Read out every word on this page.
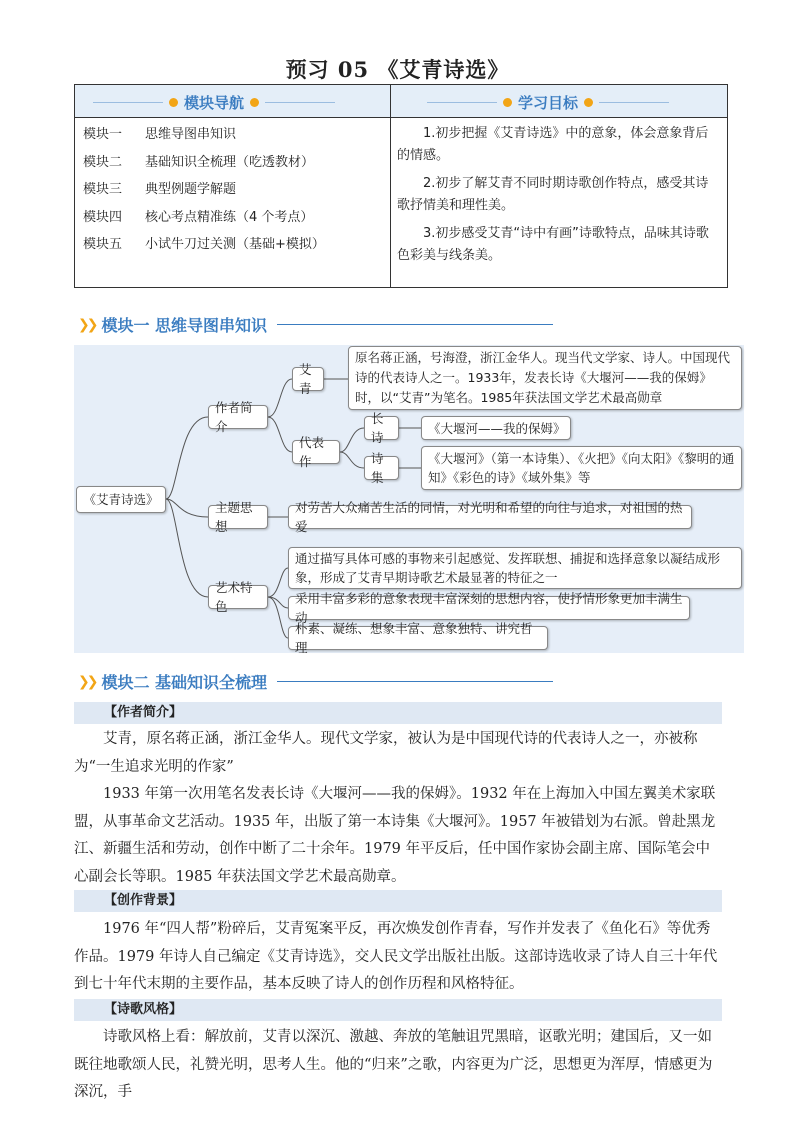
预习 05 《艾青诗选》
模块导航	学习目标
模块一 思维导图串知识
模块二 基础知识全梳理（吃透教材）
模块三 典型例题学解题
模块四 核心考点精准练（4 个考点）
模块五 小试牛刀过关测（基础+模拟）

1.初步把握《艾青诗选》中的意象，体会意象背后的情感。

2.初步了解艾青不同时期诗歌创作特点，感受其诗歌抒情美和理性美。

3.初步感受艾青“诗中有画”诗歌特点，品味其诗歌色彩美与线条美。

❯❯ 模块一 思维导图串知识
《艾青诗选》
作者简介
艾青
原名蒋正涵，号海澄，浙江金华人。现当代文学家、诗人。中国现代诗的代表诗人之一。1933年，发表长诗《大堰河——我的保姆》时，以“艾青”为笔名。1985年获法国文学艺术最高勋章
代表作
长诗
《大堰河——我的保姆》
诗集
《大堰河》（第一本诗集）、《火把》《向太阳》《黎明的通知》《彩色的诗》《域外集》等
主题思想
对劳苦大众痛苦生活的同情，对光明和希望的向往与追求，对祖国的热爱
艺术特色
通过描写具体可感的事物来引起感觉、发挥联想、捕捉和选择意象以凝结成形象，形成了艾青早期诗歌艺术最显著的特征之一
采用丰富多彩的意象表现丰富深刻的思想内容，使抒情形象更加丰满生动
朴素、凝练、想象丰富、意象独特、讲究哲理
❯❯ 模块二 基础知识全梳理
【作者简介】
艾青，原名蒋正涵，浙江金华人。现代文学家，被认为是中国现代诗的代表诗人之一，亦被称为“一生追求光明的作家”
1933 年第一次用笔名发表长诗《大堰河——我的保姆》。1932 年在上海加入中国左翼美术家联盟，从事革命文艺活动。1935 年，出版了第一本诗集《大堰河》。1957 年被错划为右派。曾赴黑龙江、新疆生活和劳动，创作中断了二十余年。1979 年平反后，任中国作家协会副主席、国际笔会中心副会长等职。1985 年获法国文学艺术最高勋章。
【创作背景】
1976 年“四人帮”粉碎后，艾青冤案平反，再次焕发创作青春，写作并发表了《鱼化石》等优秀作品。1979 年诗人自己编定《艾青诗选》，交人民文学出版社出版。这部诗选收录了诗人自三十年代到七十年代末期的主要作品，基本反映了诗人的创作历程和风格特征。
【诗歌风格】
诗歌风格上看：解放前，艾青以深沉、激越、奔放的笔触诅咒黑暗，讴歌光明；建国后，又一如既往地歌颂人民，礼赞光明，思考人生。他的“归来”之歌，内容更为广泛，思想更为浑厚，情感更为深沉，手
